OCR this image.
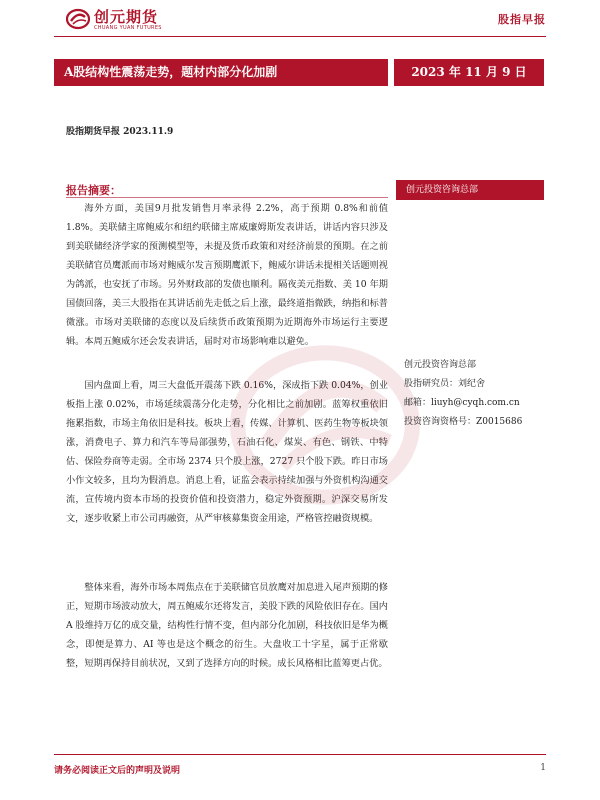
创元期货
CHUANG YUAN FUTURES
股指早报
A股结构性震荡走势，题材内部分化加剧	2023 年 11 月 9 日
股指期货早报 2023.11.9
报告摘要：

海外方面，美国9月批发销售月率录得 2.2%，高于预期 0.8%和前值 1.8%。美联储主席鲍威尔和纽约联储主席威廉姆斯发表讲话，讲话内容只涉及到美联储经济学家的预测模型等，未提及货币政策和对经济前景的预期。在之前美联储官员鹰派而市场对鲍威尔发言预期鹰派下，鲍威尔讲话未提相关话题则视为鸽派，也安抚了市场。另外财政部的发债也顺利。隔夜美元指数、美 10 年期国债回落，美三大股指在其讲话前先走低之后上涨，最终道指微跌，纳指和标普微涨。市场对美联储的态度以及后续货币政策预期为近期海外市场运行主要逻辑。本周五鲍威尔还会发表讲话，届时对市场影响难以避免。

国内盘面上看，周三大盘低开震荡下跌 0.16%，深成指下跌 0.04%，创业板指上涨 0.02%，市场延续震荡分化走势，分化相比之前加剧。蓝筹权重依旧拖累指数，市场主角依旧是科技。板块上看，传媒、计算机、医药生物等板块领涨，消费电子、算力和汽车等局部强势，石油石化、煤炭、有色、钢铁、中特估、保险券商等走弱。全市场 2374 只个股上涨，2727 只个股下跌。昨日市场小作文较多，且均为假消息。消息上看，证监会表示持续加强与外资机构沟通交流，宣传境内资本市场的投资价值和投资潜力，稳定外资预期。沪深交易所发文，逐步收紧上市公司再融资，从严审核募集资金用途，严格管控融资规模。

整体来看，海外市场本周焦点在于美联储官员放鹰对加息进入尾声预期的修正，短期市场波动放大，周五鲍威尔还将发言，美股下跌的风险依旧存在。国内 A 股维持万亿的成交量，结构性行情不变，但内部分化加剧，科技依旧是华为概念，即便是算力、AI 等也是这个概念的衍生。大盘收工十字星，属于正常歇整，短期再保持目前状况，又到了选择方向的时候。成长风格相比蓝筹更占优。

创元投资咨询总部
创元投资咨询总部
股指研究员：刘纪舍
邮箱：liuyh@cyqh.com.cn
投资咨询资格号：Z0015686
请务必阅读正文后的声明及说明	1
